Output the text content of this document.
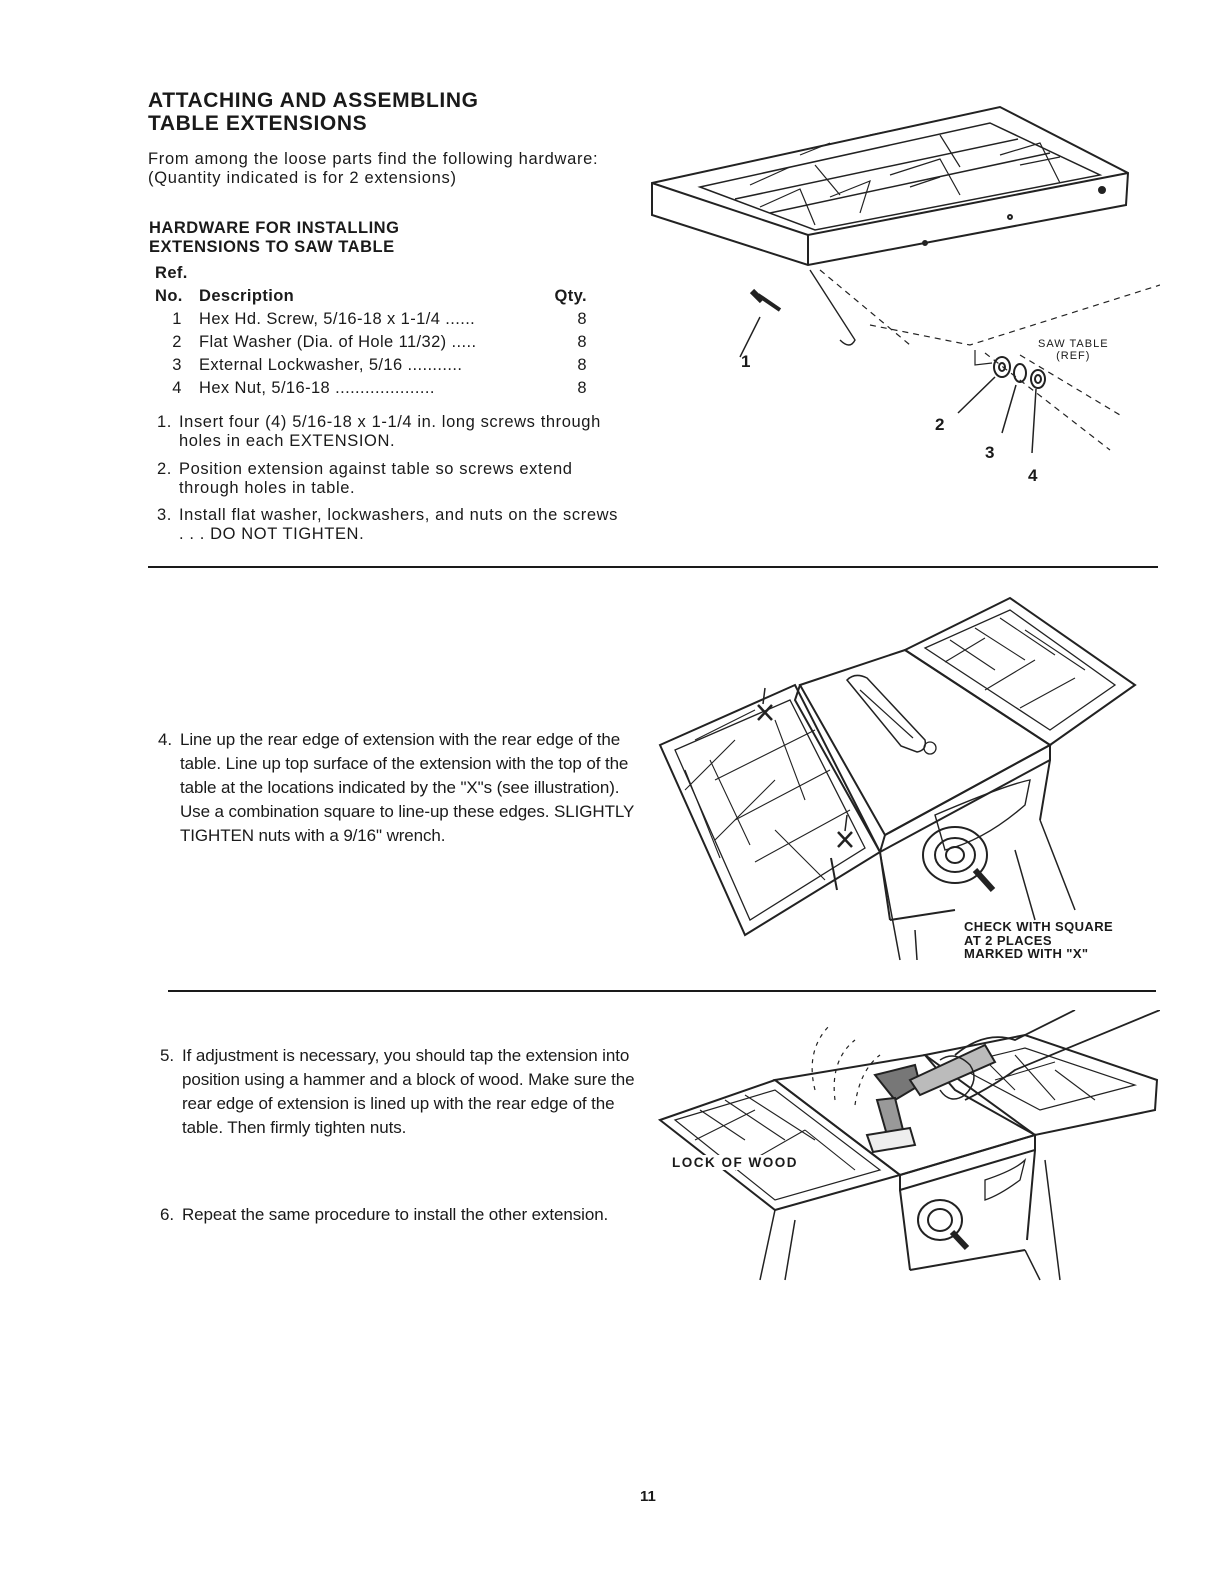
ATTACHING AND ASSEMBLING
TABLE EXTENSIONS
From among the loose parts find the following hardware: (Quantity indicated is for 2 extensions)
HARDWARE FOR INSTALLING
EXTENSIONS TO SAW TABLE
Ref.
No.	Description	Qty.
1	Hex Hd. Screw, 5/16-18 x 1-1/4 ......	8
2	Flat Washer (Dia. of Hole 11/32) .....	8
3	External Lockwasher, 5/16 ...........	8
4	Hex Nut, 5/16-18 ....................	8
1. Insert four (4) 5/16-18 x 1-1/4 in. long screws through holes in each EXTENSION.
2. Position extension against table so screws extend through holes in table.
3. Install flat washer, lockwashers, and nuts on the screws . . . DO NOT TIGHTEN.
1
2
3
4
SAW TABLE
(REF)
4. Line up the rear edge of extension with the rear edge of the table. Line up top surface of the extension with the top of the table at the locations indicated by the "X"s (see illustration). Use a combination square to line-up these edges. SLIGHTLY TIGHTEN nuts with a 9/16" wrench.
CHECK WITH SQUARE
AT 2 PLACES
MARKED WITH "X"
5. If adjustment is necessary, you should tap the extension into position using a hammer and a block of wood. Make sure the rear edge of extension is lined up with the rear edge of the table. Then firmly tighten nuts.
6. Repeat the same procedure to install the other extension.
LOCK OF WOOD
11
